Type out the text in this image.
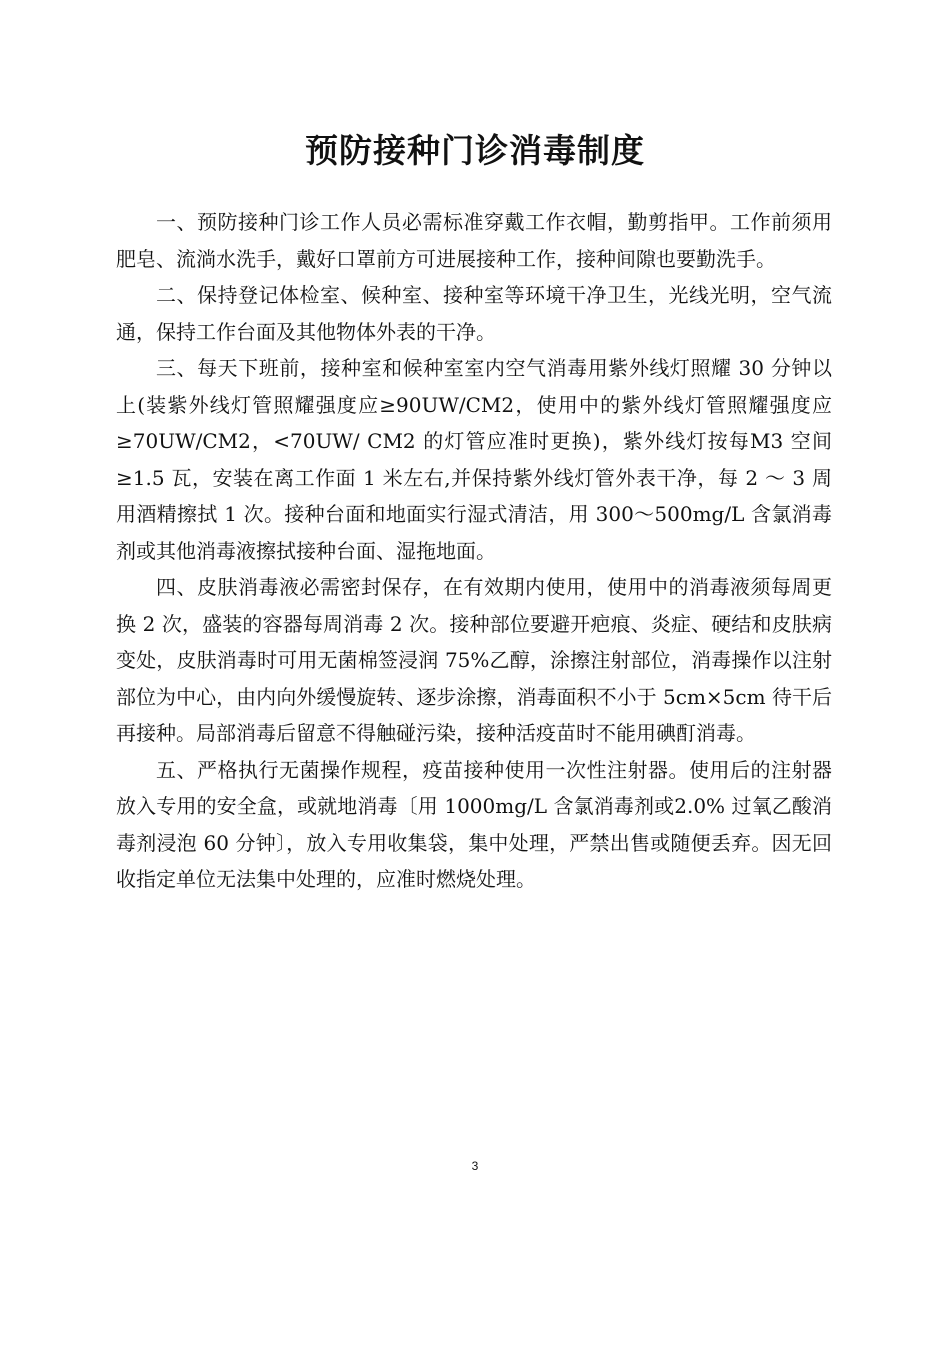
预防接种门诊消毒制度

一、预防接种门诊工作人员必需标准穿戴工作衣帽，勤剪指甲。工作前须用肥皂、流淌水洗手，戴好口罩前方可进展接种工作，接种间隙也要勤洗手。

二、保持登记体检室、候种室、接种室等环境干净卫生，光线光明，空气流通，保持工作台面及其他物体外表的干净。

三、每天下班前，接种室和候种室室内空气消毒用紫外线灯照耀 30 分钟以上(装紫外线灯管照耀强度应≥90UW/CM2，使用中的紫外线灯管照耀强度应≥70UW/CM2，<70UW/ CM2 的灯管应准时更换)，紫外线灯按每M3 空间≥1.5 瓦，安装在离工作面 1 米左右,并保持紫外线灯管外表干净，每 2 ～ 3 周用酒精擦拭 1 次。接种台面和地面实行湿式清洁，用 300～500mg/L 含氯消毒剂或其他消毒液擦拭接种台面、湿拖地面。

四、皮肤消毒液必需密封保存，在有效期内使用，使用中的消毒液须每周更换 2 次，盛装的容器每周消毒 2 次。接种部位要避开疤痕、炎症、硬结和皮肤病变处，皮肤消毒时可用无菌棉签浸润 75%乙醇，涂擦注射部位，消毒操作以注射部位为中心，由内向外缓慢旋转、逐步涂擦，消毒面积不小于 5cm×5cm 待干后再接种。局部消毒后留意不得触碰污染，接种活疫苗时不能用碘酊消毒。

五、严格执行无菌操作规程，疫苗接种使用一次性注射器。使用后的注射器放入专用的安全盒，或就地消毒〔用 1000mg/L 含氯消毒剂或2.0% 过氧乙酸消毒剂浸泡 60 分钟〕，放入专用收集袋，集中处理，严禁出售或随便丢弃。因无回收指定单位无法集中处理的，应准时燃烧处理。

3
